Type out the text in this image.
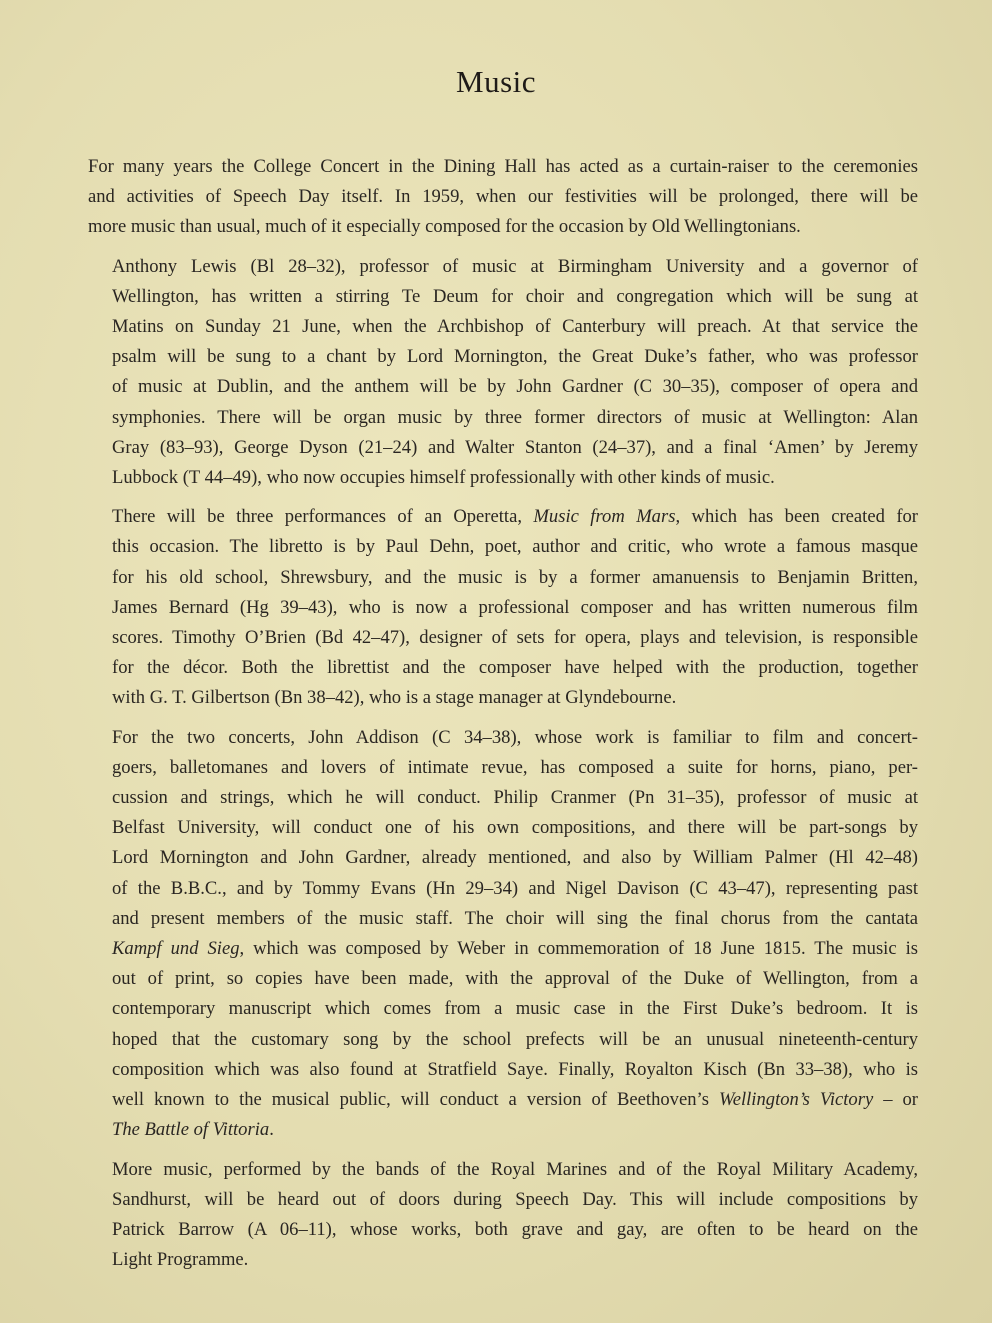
Music

For many years the College Concert in the Dining Hall has acted as a curtain-raiser to the ceremonies
and activities of Speech Day itself. In 1959, when our festivities will be prolonged, there will be
more music than usual, much of it especially composed for the occasion by Old Wellingtonians.

Anthony Lewis (Bl 28–32), professor of music at Birmingham University and a governor of
Wellington, has written a stirring Te Deum for choir and congregation which will be sung at
Matins on Sunday 21 June, when the Archbishop of Canterbury will preach. At that service the
psalm will be sung to a chant by Lord Mornington, the Great Duke’s father, who was professor
of music at Dublin, and the anthem will be by John Gardner (C 30–35), composer of opera and
symphonies. There will be organ music by three former directors of music at Wellington: Alan
Gray (83–93), George Dyson (21–24) and Walter Stanton (24–37), and a final ‘Amen’ by Jeremy
Lubbock (T 44–49), who now occupies himself professionally with other kinds of music.

There will be three performances of an Operetta, Music from Mars, which has been created for
this occasion. The libretto is by Paul Dehn, poet, author and critic, who wrote a famous masque
for his old school, Shrewsbury, and the music is by a former amanuensis to Benjamin Britten,
James Bernard (Hg 39–43), who is now a professional composer and has written numerous film
scores. Timothy O’Brien (Bd 42–47), designer of sets for opera, plays and television, is responsible
for the décor. Both the librettist and the composer have helped with the production, together
with G. T. Gilbertson (Bn 38–42), who is a stage manager at Glyndebourne.

For the two concerts, John Addison (C 34–38), whose work is familiar to film and concert-
goers, balletomanes and lovers of intimate revue, has composed a suite for horns, piano, per-
cussion and strings, which he will conduct. Philip Cranmer (Pn 31–35), professor of music at
Belfast University, will conduct one of his own compositions, and there will be part-songs by
Lord Mornington and John Gardner, already mentioned, and also by William Palmer (Hl 42–48)
of the B.B.C., and by Tommy Evans (Hn 29–34) and Nigel Davison (C 43–47), representing past
and present members of the music staff. The choir will sing the final chorus from the cantata
Kampf und Sieg, which was composed by Weber in commemoration of 18 June 1815. The music is
out of print, so copies have been made, with the approval of the Duke of Wellington, from a
contemporary manuscript which comes from a music case in the First Duke’s bedroom. It is
hoped that the customary song by the school prefects will be an unusual nineteenth-century
composition which was also found at Stratfield Saye. Finally, Royalton Kisch (Bn 33–38), who is
well known to the musical public, will conduct a version of Beethoven’s Wellington’s Victory – or
The Battle of Vittoria.

More music, performed by the bands of the Royal Marines and of the Royal Military Academy,
Sandhurst, will be heard out of doors during Speech Day. This will include compositions by
Patrick Barrow (A 06–11), whose works, both grave and gay, are often to be heard on the
Light Programme.
